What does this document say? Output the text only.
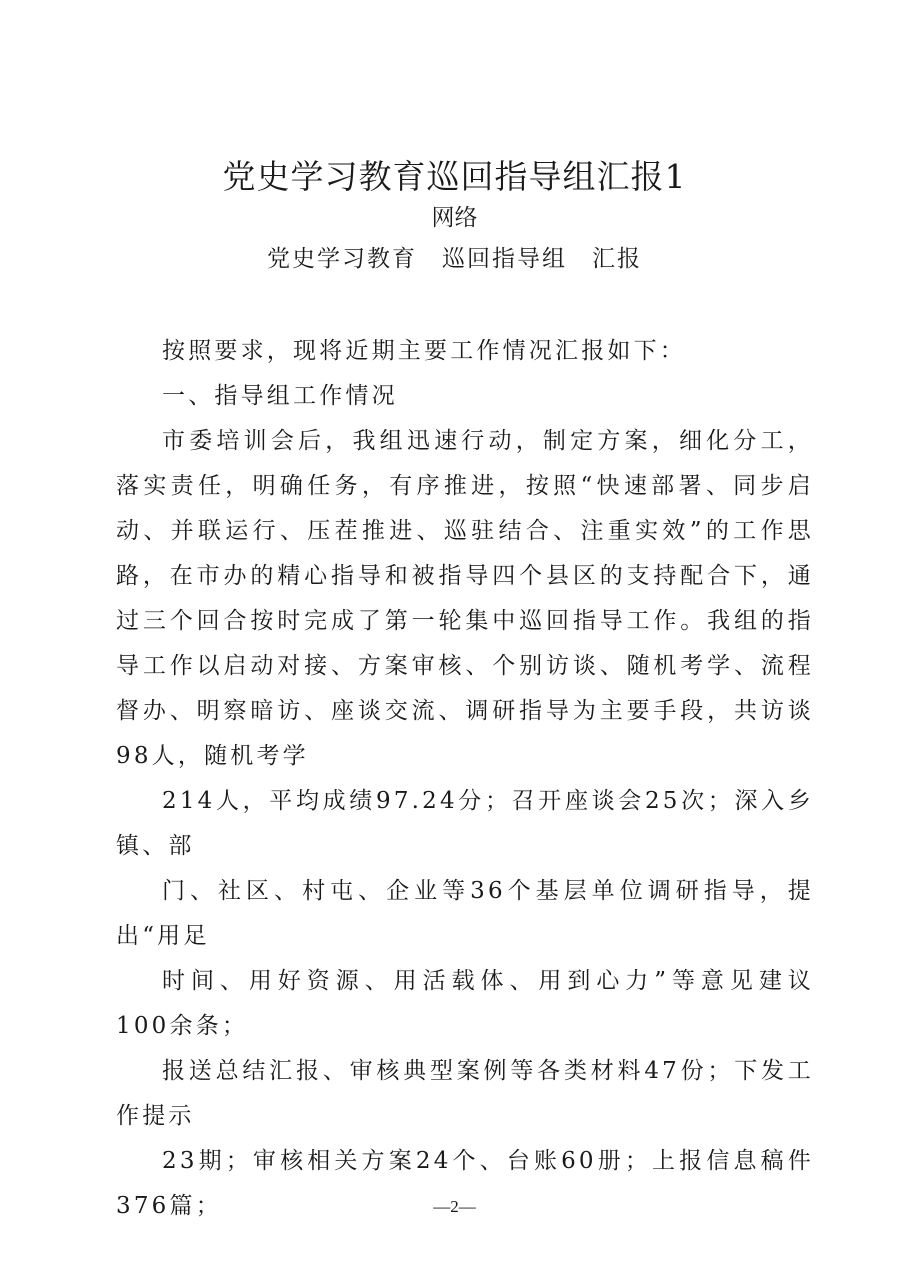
党史学习教育巡回指导组汇报1
网络
党史学习教育　巡回指导组　汇报

按照要求，现将近期主要工作情况汇报如下：

一、指导组工作情况

市委培训会后，我组迅速行动，制定方案，细化分工，落实责任，明确任务，有序推进，按照“快速部署、同步启动、并联运行、压茬推进、巡驻结合、注重实效”的工作思路，在市办的精心指导和被指导四个县区的支持配合下，通过三个回合按时完成了第一轮集中巡回指导工作。我组的指导工作以启动对接、方案审核、个别访谈、随机考学、流程督办、明察暗访、座谈交流、调研指导为主要手段，共访谈98人，随机考学

214人，平均成绩97.24分；召开座谈会25次；深入乡镇、部

门、社区、村屯、企业等36个基层单位调研指导，提出“用足

时间、用好资源、用活载体、用到心力”等意见建议 100余条；

报送总结汇报、审核典型案例等各类材料47份；下发工作提示

23期；审核相关方案24个、台账60册；上报信息稿件376篇；	—2—
